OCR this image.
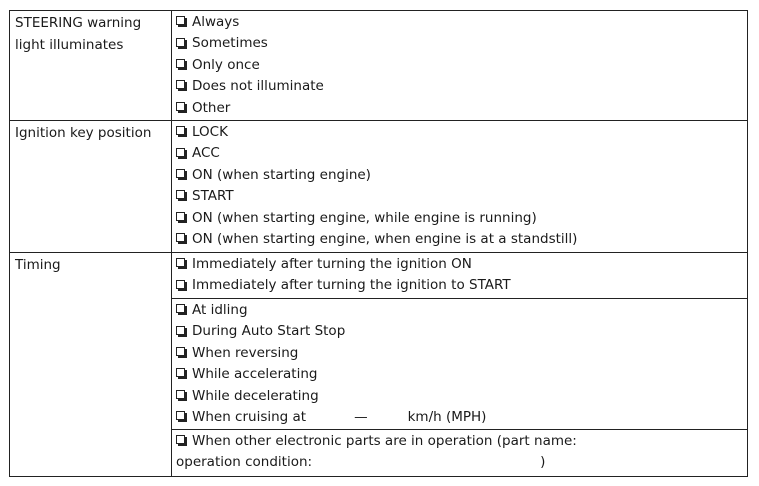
STEERING warning light illuminates
Always
Sometimes
Only once
Does not illuminate
Other
Ignition key position	LOCK
ACC
ON (when starting engine)
START
ON (when starting engine, while engine is running)
ON (when starting engine, when engine is at a standstill)
Timing	Immediately after turning the ignition ON
Immediately after turning the ignition to START
At idling
During Auto Start Stop
When reversing
While accelerating
While decelerating
When cruising at	—	km/h (MPH)
When other electronic parts are in operation (part name:
operation condition:	)
